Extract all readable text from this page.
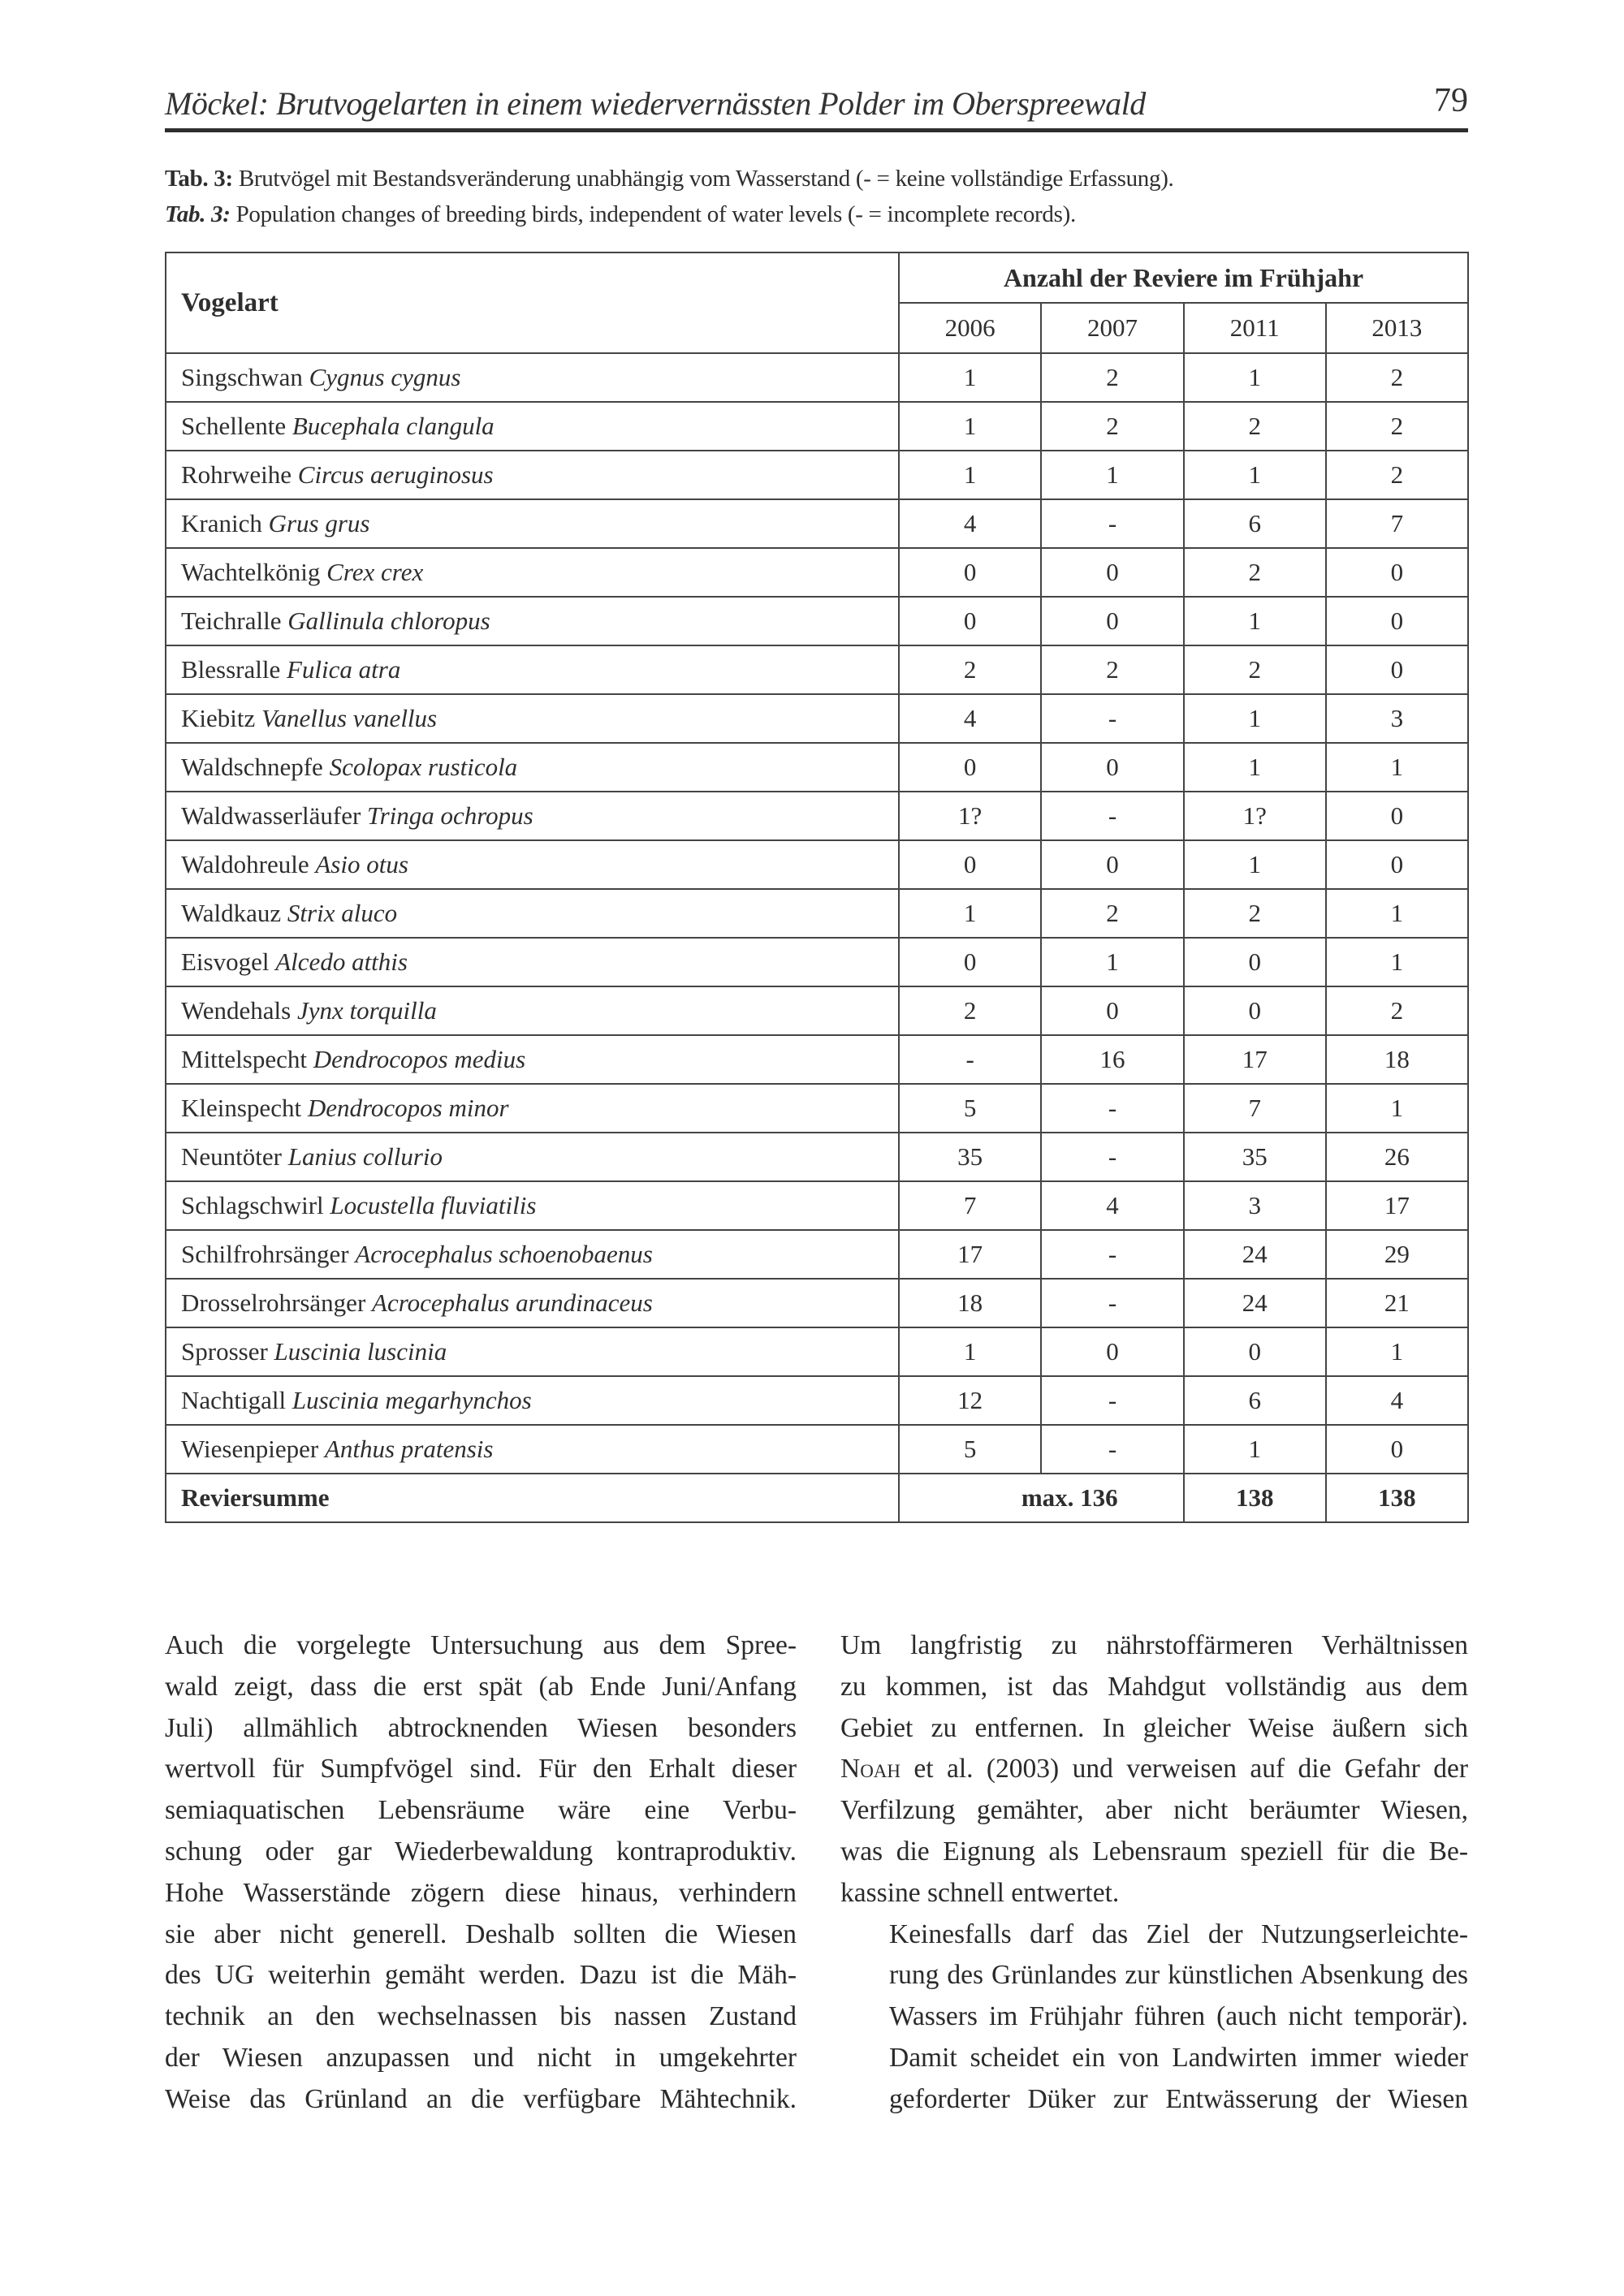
Möckel: Brutvogelarten in einem wiedervernässten Polder im Oberspreewald	79
Tab. 3: Brutvögel mit Bestandsveränderung unabhängig vom Wasserstand (- = keine vollständige Erfassung).
Tab. 3: Population changes of breeding birds, independent of water levels (- = incomplete records).
Vogelart	Anzahl der Reviere im Frühjahr			
	2006	2007	2011	2013
Singschwan Cygnus cygnus	1	2	1	2
Schellente Bucephala clangula	1	2	2	2
Rohrweihe Circus aeruginosus	1	1	1	2
Kranich Grus grus	4	-	6	7
Wachtelkönig Crex crex	0	0	2	0
Teichralle Gallinula chloropus	0	0	1	0
Blessralle Fulica atra	2	2	2	0
Kiebitz Vanellus vanellus	4	-	1	3
Waldschnepfe Scolopax rusticola	0	0	1	1
Waldwasserläufer Tringa ochropus	1?	-	1?	0
Waldohreule Asio otus	0	0	1	0
Waldkauz Strix aluco	1	2	2	1
Eisvogel Alcedo atthis	0	1	0	1
Wendehals Jynx torquilla	2	0	0	2
Mittelspecht Dendrocopos medius	-	16	17	18
Kleinspecht Dendrocopos minor	5	-	7	1
Neuntöter Lanius collurio	35	-	35	26
Schlagschwirl Locustella fluviatilis	7	4	3	17
Schilfrohrsänger Acrocephalus schoenobaenus	17	-	24	29
Drosselrohrsänger Acrocephalus arundinaceus	18	-	24	21
Sprosser Luscinia luscinia	1	0	0	1
Nachtigall Luscinia megarhynchos	12	-	6	4
Wiesenpieper Anthus pratensis	5	-	1	0
Reviersumme	max. 136		138	138

Auch die vorgelegte Untersuchung aus dem Spree-
wald zeigt, dass die erst spät (ab Ende Juni/Anfang
Juli) allmählich abtrocknenden Wiesen besonders
wertvoll für Sumpfvögel sind. Für den Erhalt dieser
semiaquatischen Lebensräume wäre eine Verbu-
schung oder gar Wiederbewaldung kontraproduktiv.
Hohe Wasserstände zögern diese hinaus, verhindern
sie aber nicht generell. Deshalb sollten die Wiesen
des UG weiterhin gemäht werden. Dazu ist die Mäh-
technik an den wechselnassen bis nassen Zustand
der Wiesen anzupassen und nicht in umgekehrter
Weise das Grünland an die verfügbare Mähtechnik.

Um langfristig zu nährstoffärmeren Verhältnissen
zu kommen, ist das Mahdgut vollständig aus dem
Gebiet zu entfernen. In gleicher Weise äußern sich
Noah et al. (2003) und verweisen auf die Gefahr der
Verfilzung gemähter, aber nicht beräumter Wiesen,
was die Eignung als Lebensraum speziell für die Be-
kassine schnell entwertet.

Keinesfalls darf das Ziel der Nutzungserleichte-
rung des Grünlandes zur künstlichen Absenkung des
Wassers im Frühjahr führen (auch nicht temporär).
Damit scheidet ein von Landwirten immer wieder
geforderter Düker zur Entwässerung der Wiesen
